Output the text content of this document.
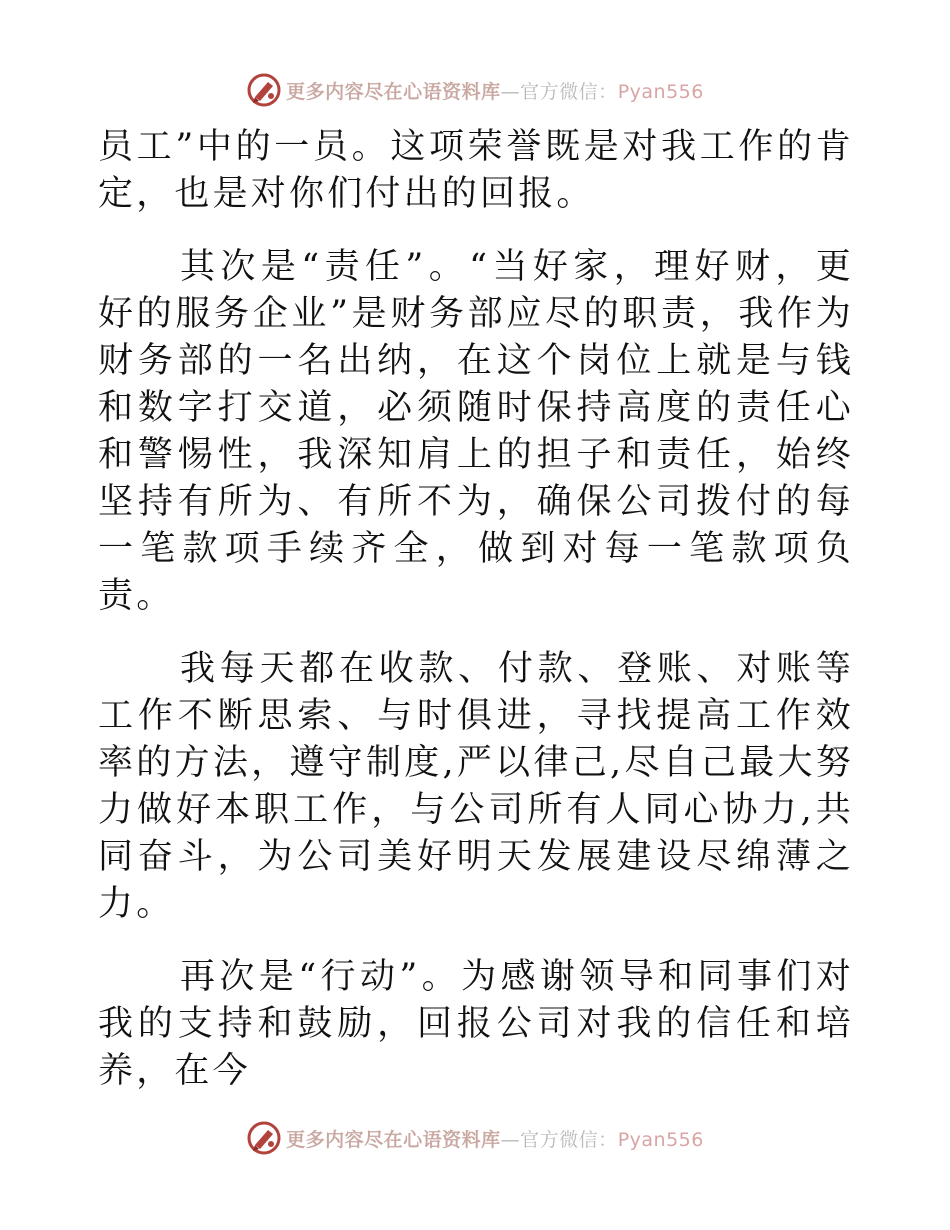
更多内容尽在心语资料库—官方微信：Pyan556

员工”中的一员。这项荣誉既是对我工作的肯定，也是对你们付出的回报。

其次是“责任”。“当好家，理好财，更好的服务企业”是财务部应尽的职责，我作为财务部的一名出纳，在这个岗位上就是与钱和数字打交道，必须随时保持高度的责任心和警惕性，我深知肩上的担子和责任，始终坚持有所为、有所不为，确保公司拨付的每一笔款项手续齐全，做到对每一笔款项负责。

我每天都在收款、付款、登账、对账等工作不断思索、与时俱进，寻找提高工作效率的方法，遵守制度,严以律己,尽自己最大努力做好本职工作，与公司所有人同心协力,共同奋斗，为公司美好明天发展建设尽绵薄之力。

再次是“行动”。为感谢领导和同事们对我的支持和鼓励，回报公司对我的信任和培养，在今

更多内容尽在心语资料库—官方微信：Pyan556
